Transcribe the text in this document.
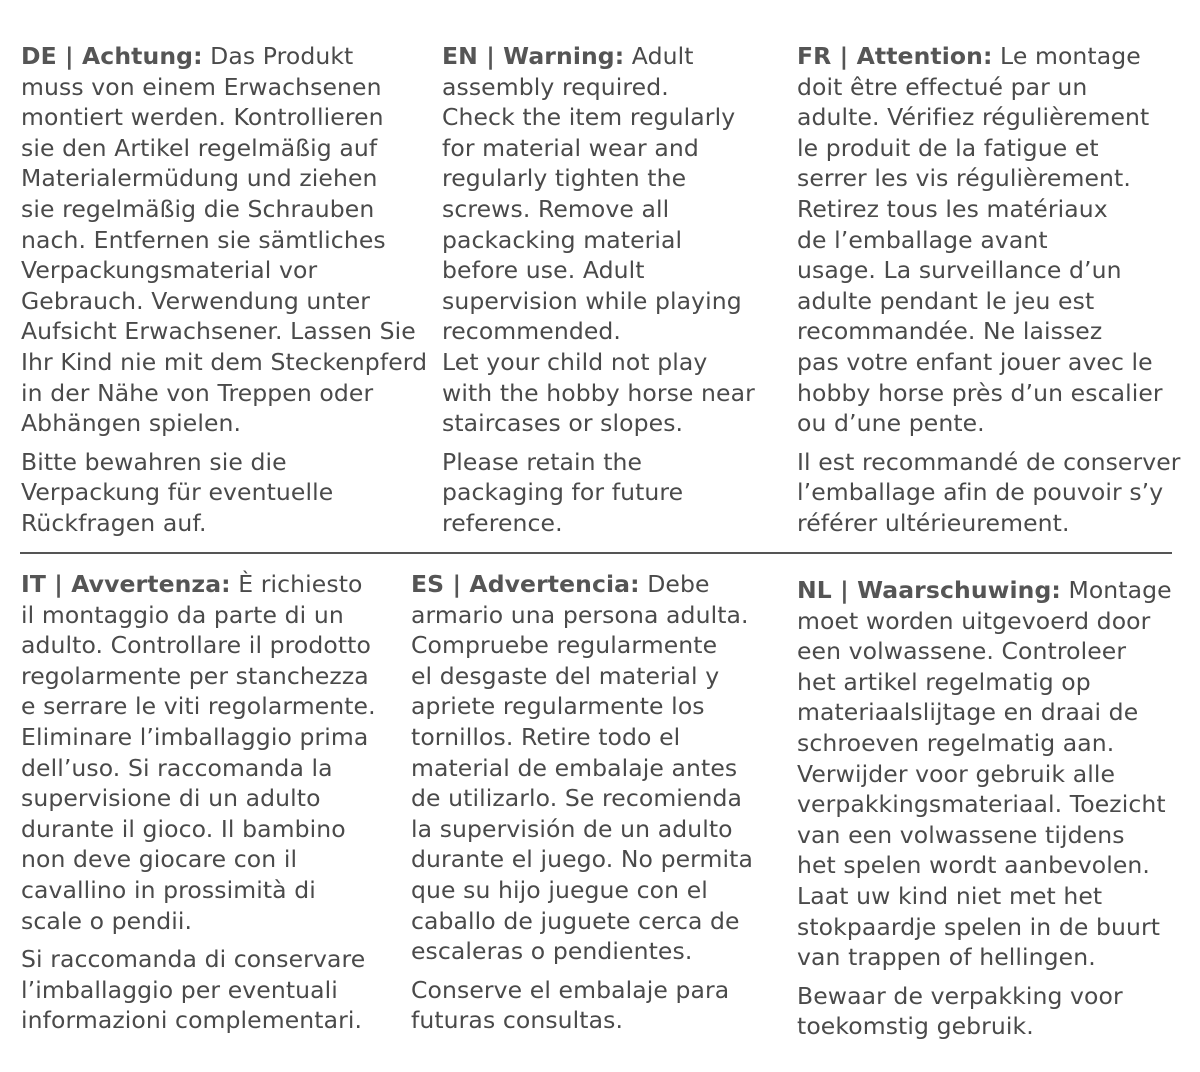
DE | Achtung: Das Produkt
muss von einem Erwachsenen
montiert werden. Kontrollieren
sie den Artikel regelmäßig auf
Materialermüdung und ziehen
sie regelmäßig die Schrauben
nach. Entfernen sie sämtliches
Verpackungsmaterial vor
Gebrauch. Verwendung unter
Aufsicht Erwachsener. Lassen Sie
Ihr Kind nie mit dem Steckenpferd
in der Nähe von Treppen oder
Abhängen spielen.
Bitte bewahren sie die
Verpackung für eventuelle
Rückfragen auf.
EN | Warning: Adult
assembly required.
Check the item regularly
for material wear and
regularly tighten the
screws. Remove all
packacking material
before use. Adult
supervision while playing
recommended.
Let your child not play
with the hobby horse near
staircases or slopes.
Please retain the
packaging for future
reference.
FR | Attention: Le montage
doit être effectué par un
adulte. Vérifiez régulièrement
le produit de la fatigue et
serrer les vis régulièrement.
Retirez tous les matériaux
de l’emballage avant
usage. La surveillance d’un
adulte pendant le jeu est
recommandée. Ne laissez
pas votre enfant jouer avec le
hobby horse près d’un escalier
ou d’une pente.
Il est recommandé de conserver
l’emballage afin de pouvoir s’y
référer ultérieurement.
IT | Avvertenza: È richiesto
il montaggio da parte di un
adulto. Controllare il prodotto
regolarmente per stanchezza
e serrare le viti regolarmente.
Eliminare l’imballaggio prima
dell’uso. Si raccomanda la
supervisione di un adulto
durante il gioco. Il bambino
non deve giocare con il
cavallino in prossimità di
scale o pendii.
Si raccomanda di conservare
l’imballaggio per eventuali
informazioni complementari.
ES | Advertencia: Debe
armario una persona adulta.
Compruebe regularmente
el desgaste del material y
apriete regularmente los
tornillos. Retire todo el
material de embalaje antes
de utilizarlo. Se recomienda
la supervisión de un adulto
durante el juego. No permita
que su hijo juegue con el
caballo de juguete cerca de
escaleras o pendientes.
Conserve el embalaje para
futuras consultas.
NL | Waarschuwing: Montage
moet worden uitgevoerd door
een volwassene. Controleer
het artikel regelmatig op
materiaalslijtage en draai de
schroeven regelmatig aan.
Verwijder voor gebruik alle
verpakkingsmateriaal. Toezicht
van een volwassene tijdens
het spelen wordt aanbevolen.
Laat uw kind niet met het
stokpaardje spelen in de buurt
van trappen of hellingen.
Bewaar de verpakking voor
toekomstig gebruik.
